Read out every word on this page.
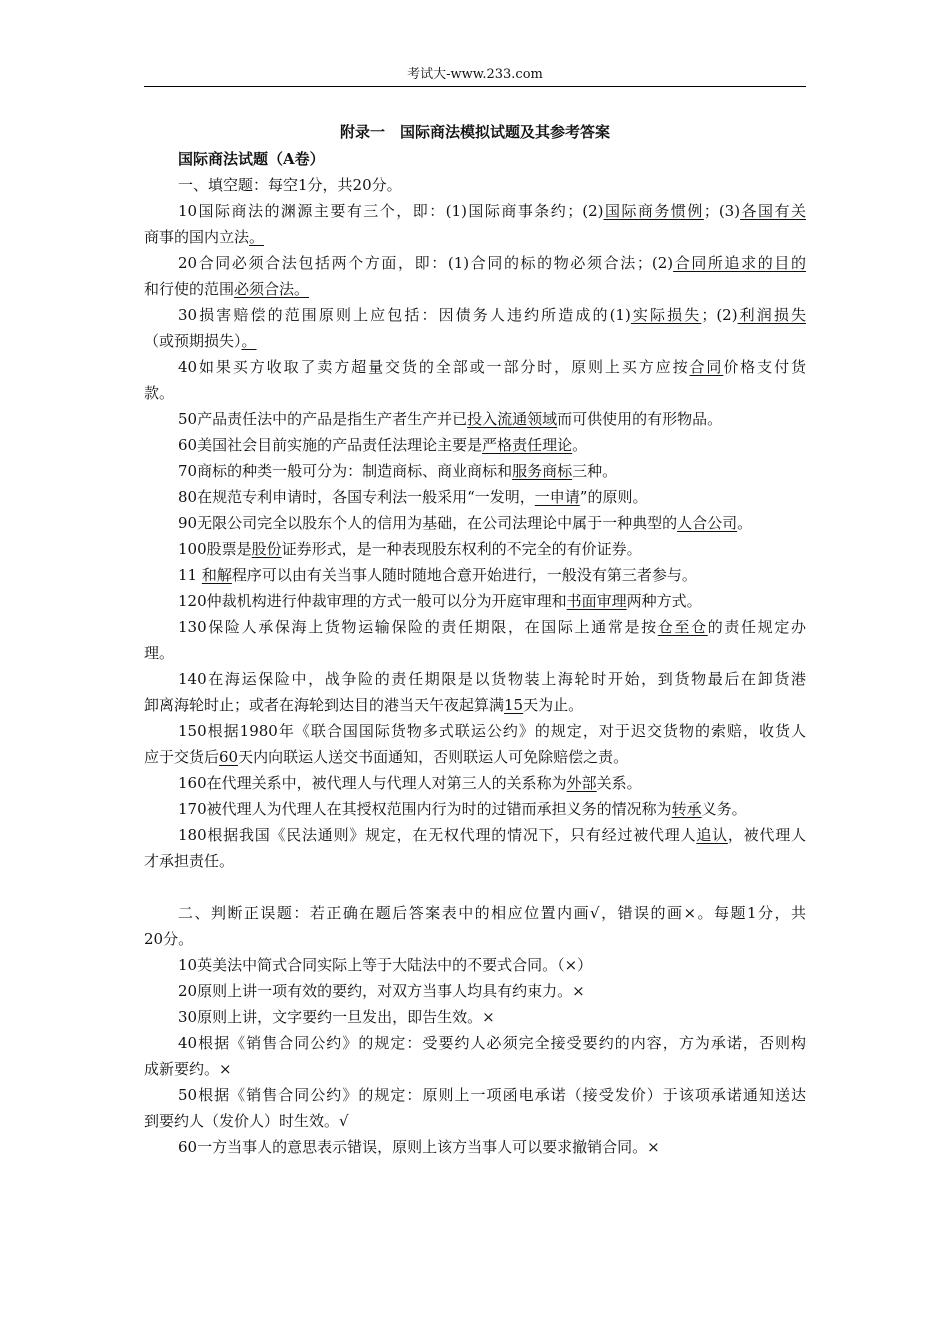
考试大-www.233.com
附录一　国际商法模拟试题及其参考答案
国际商法试题（A卷）
一、填空题：每空1分，共20分。
10国际商法的渊源主要有三个，即：(1)国际商事条约；(2)国际商务惯例；(3)各国有关
商事的国内立法。
20合同必须合法包括两个方面，即：(1)合同的标的物必须合法；(2)合同所追求的目的
和行使的范围必须合法。
30损害赔偿的范围原则上应包括：因债务人违约所造成的(1)实际损失；(2)利润损失
（或预期损失）。
40如果买方收取了卖方超量交货的全部或一部分时，原则上买方应按合同价格支付货
款。
50产品责任法中的产品是指生产者生产并已投入流通领域而可供使用的有形物品。
60美国社会目前实施的产品责任法理论主要是严格责任理论。
70商标的种类一般可分为：制造商标、商业商标和服务商标三种。
80在规范专利申请时，各国专利法一般采用“一发明，一申请”的原则。
90无限公司完全以股东个人的信用为基础，在公司法理论中属于一种典型的人合公司。
100股票是股份证券形式，是一种表现股东权利的不完全的有价证券。
11 和解程序可以由有关当事人随时随地合意开始进行，一般没有第三者参与。
120仲裁机构进行仲裁审理的方式一般可以分为开庭审理和书面审理两种方式。
130保险人承保海上货物运输保险的责任期限，在国际上通常是按仓至仓的责任规定办
理。
140在海运保险中，战争险的责任期限是以货物装上海轮时开始，到货物最后在卸货港
卸离海轮时止；或者在海轮到达目的港当天午夜起算满15天为止。
150根据1980年《联合国国际货物多式联运公约》的规定，对于迟交货物的索赔，收货人
应于交货后60天内向联运人送交书面通知，否则联运人可免除赔偿之责。
160在代理关系中，被代理人与代理人对第三人的关系称为外部关系。
170被代理人为代理人在其授权范围内行为时的过错而承担义务的情况称为转承义务。
180根据我国《民法通则》规定，在无权代理的情况下，只有经过被代理人追认，被代理人
才承担责任。
二、判断正误题：若正确在题后答案表中的相应位置内画√，错误的画×。每题1分，共
20分。
10英美法中简式合同实际上等于大陆法中的不要式合同。（×）
20原则上讲一项有效的要约，对双方当事人均具有约束力。×
30原则上讲，文字要约一旦发出，即告生效。×
40根据《销售合同公约》的规定：受要约人必须完全接受要约的内容，方为承诺，否则构
成新要约。×
50根据《销售合同公约》的规定：原则上一项函电承诺（接受发价）于该项承诺通知送达
到要约人（发价人）时生效。√
60一方当事人的意思表示错误，原则上该方当事人可以要求撤销合同。×
